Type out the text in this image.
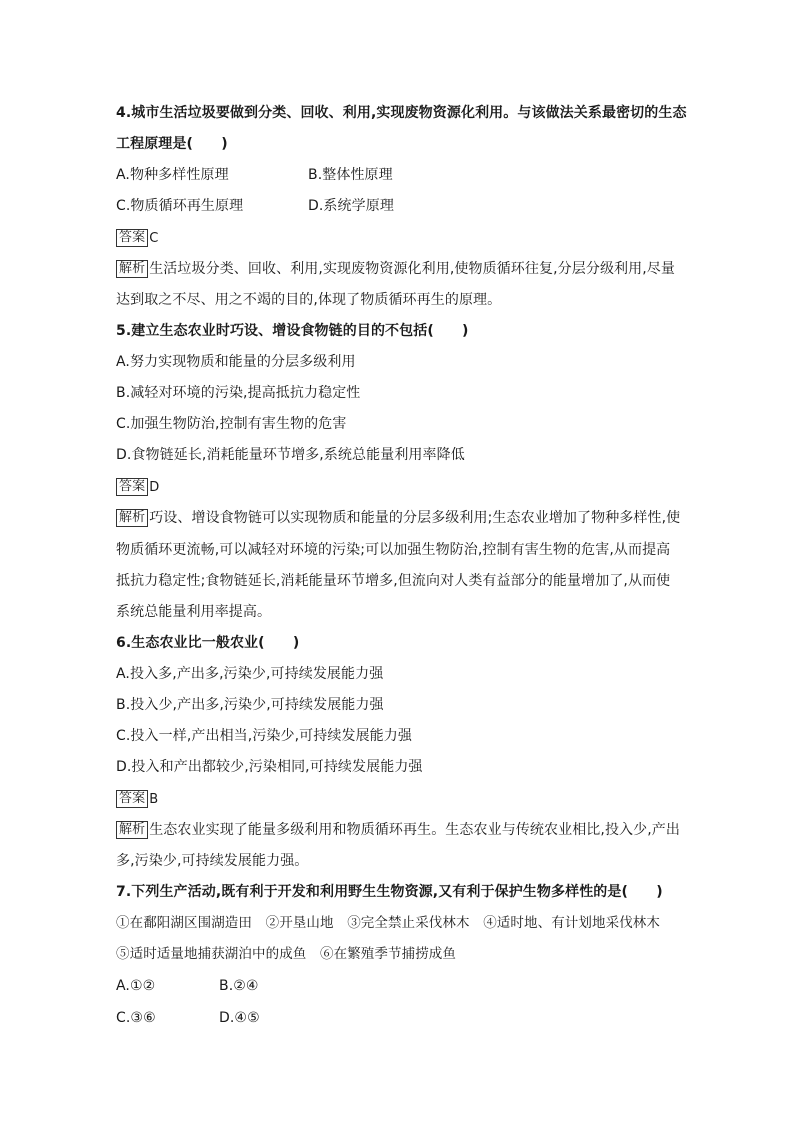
4.城市生活垃圾要做到分类、回收、利用,实现废物资源化利用。与该做法关系最密切的生态
工程原理是(　　)
A.物种多样性原理	B.整体性原理
C.物质循环再生原理	D.系统学原理
答案 C
解析 生活垃圾分类、回收、利用,实现废物资源化利用,使物质循环往复,分层分级利用,尽量
达到取之不尽、用之不竭的目的,体现了物质循环再生的原理。
5.建立生态农业时巧设、增设食物链的目的不包括(　　)
A.努力实现物质和能量的分层多级利用
B.减轻对环境的污染,提高抵抗力稳定性
C.加强生物防治,控制有害生物的危害
D.食物链延长,消耗能量环节增多,系统总能量利用率降低
答案 D
解析 巧设、增设食物链可以实现物质和能量的分层多级利用;生态农业增加了物种多样性,使
物质循环更流畅,可以减轻对环境的污染;可以加强生物防治,控制有害生物的危害,从而提高
抵抗力稳定性;食物链延长,消耗能量环节增多,但流向对人类有益部分的能量增加了,从而使
系统总能量利用率提高。
6.生态农业比一般农业(　　)
A.投入多,产出多,污染少,可持续发展能力强
B.投入少,产出多,污染少,可持续发展能力强
C.投入一样,产出相当,污染少,可持续发展能力强
D.投入和产出都较少,污染相同,可持续发展能力强
答案 B
解析 生态农业实现了能量多级利用和物质循环再生。生态农业与传统农业相比,投入少,产出
多,污染少,可持续发展能力强。
7.下列生产活动,既有利于开发和利用野生生物资源,又有利于保护生物多样性的是(　　)
①在鄱阳湖区围湖造田　②开垦山地　③完全禁止采伐林木　④适时地、有计划地采伐林木
⑤适时适量地捕获湖泊中的成鱼　⑥在繁殖季节捕捞成鱼
A.①②	B.②④
C.③⑥	D.④⑤
